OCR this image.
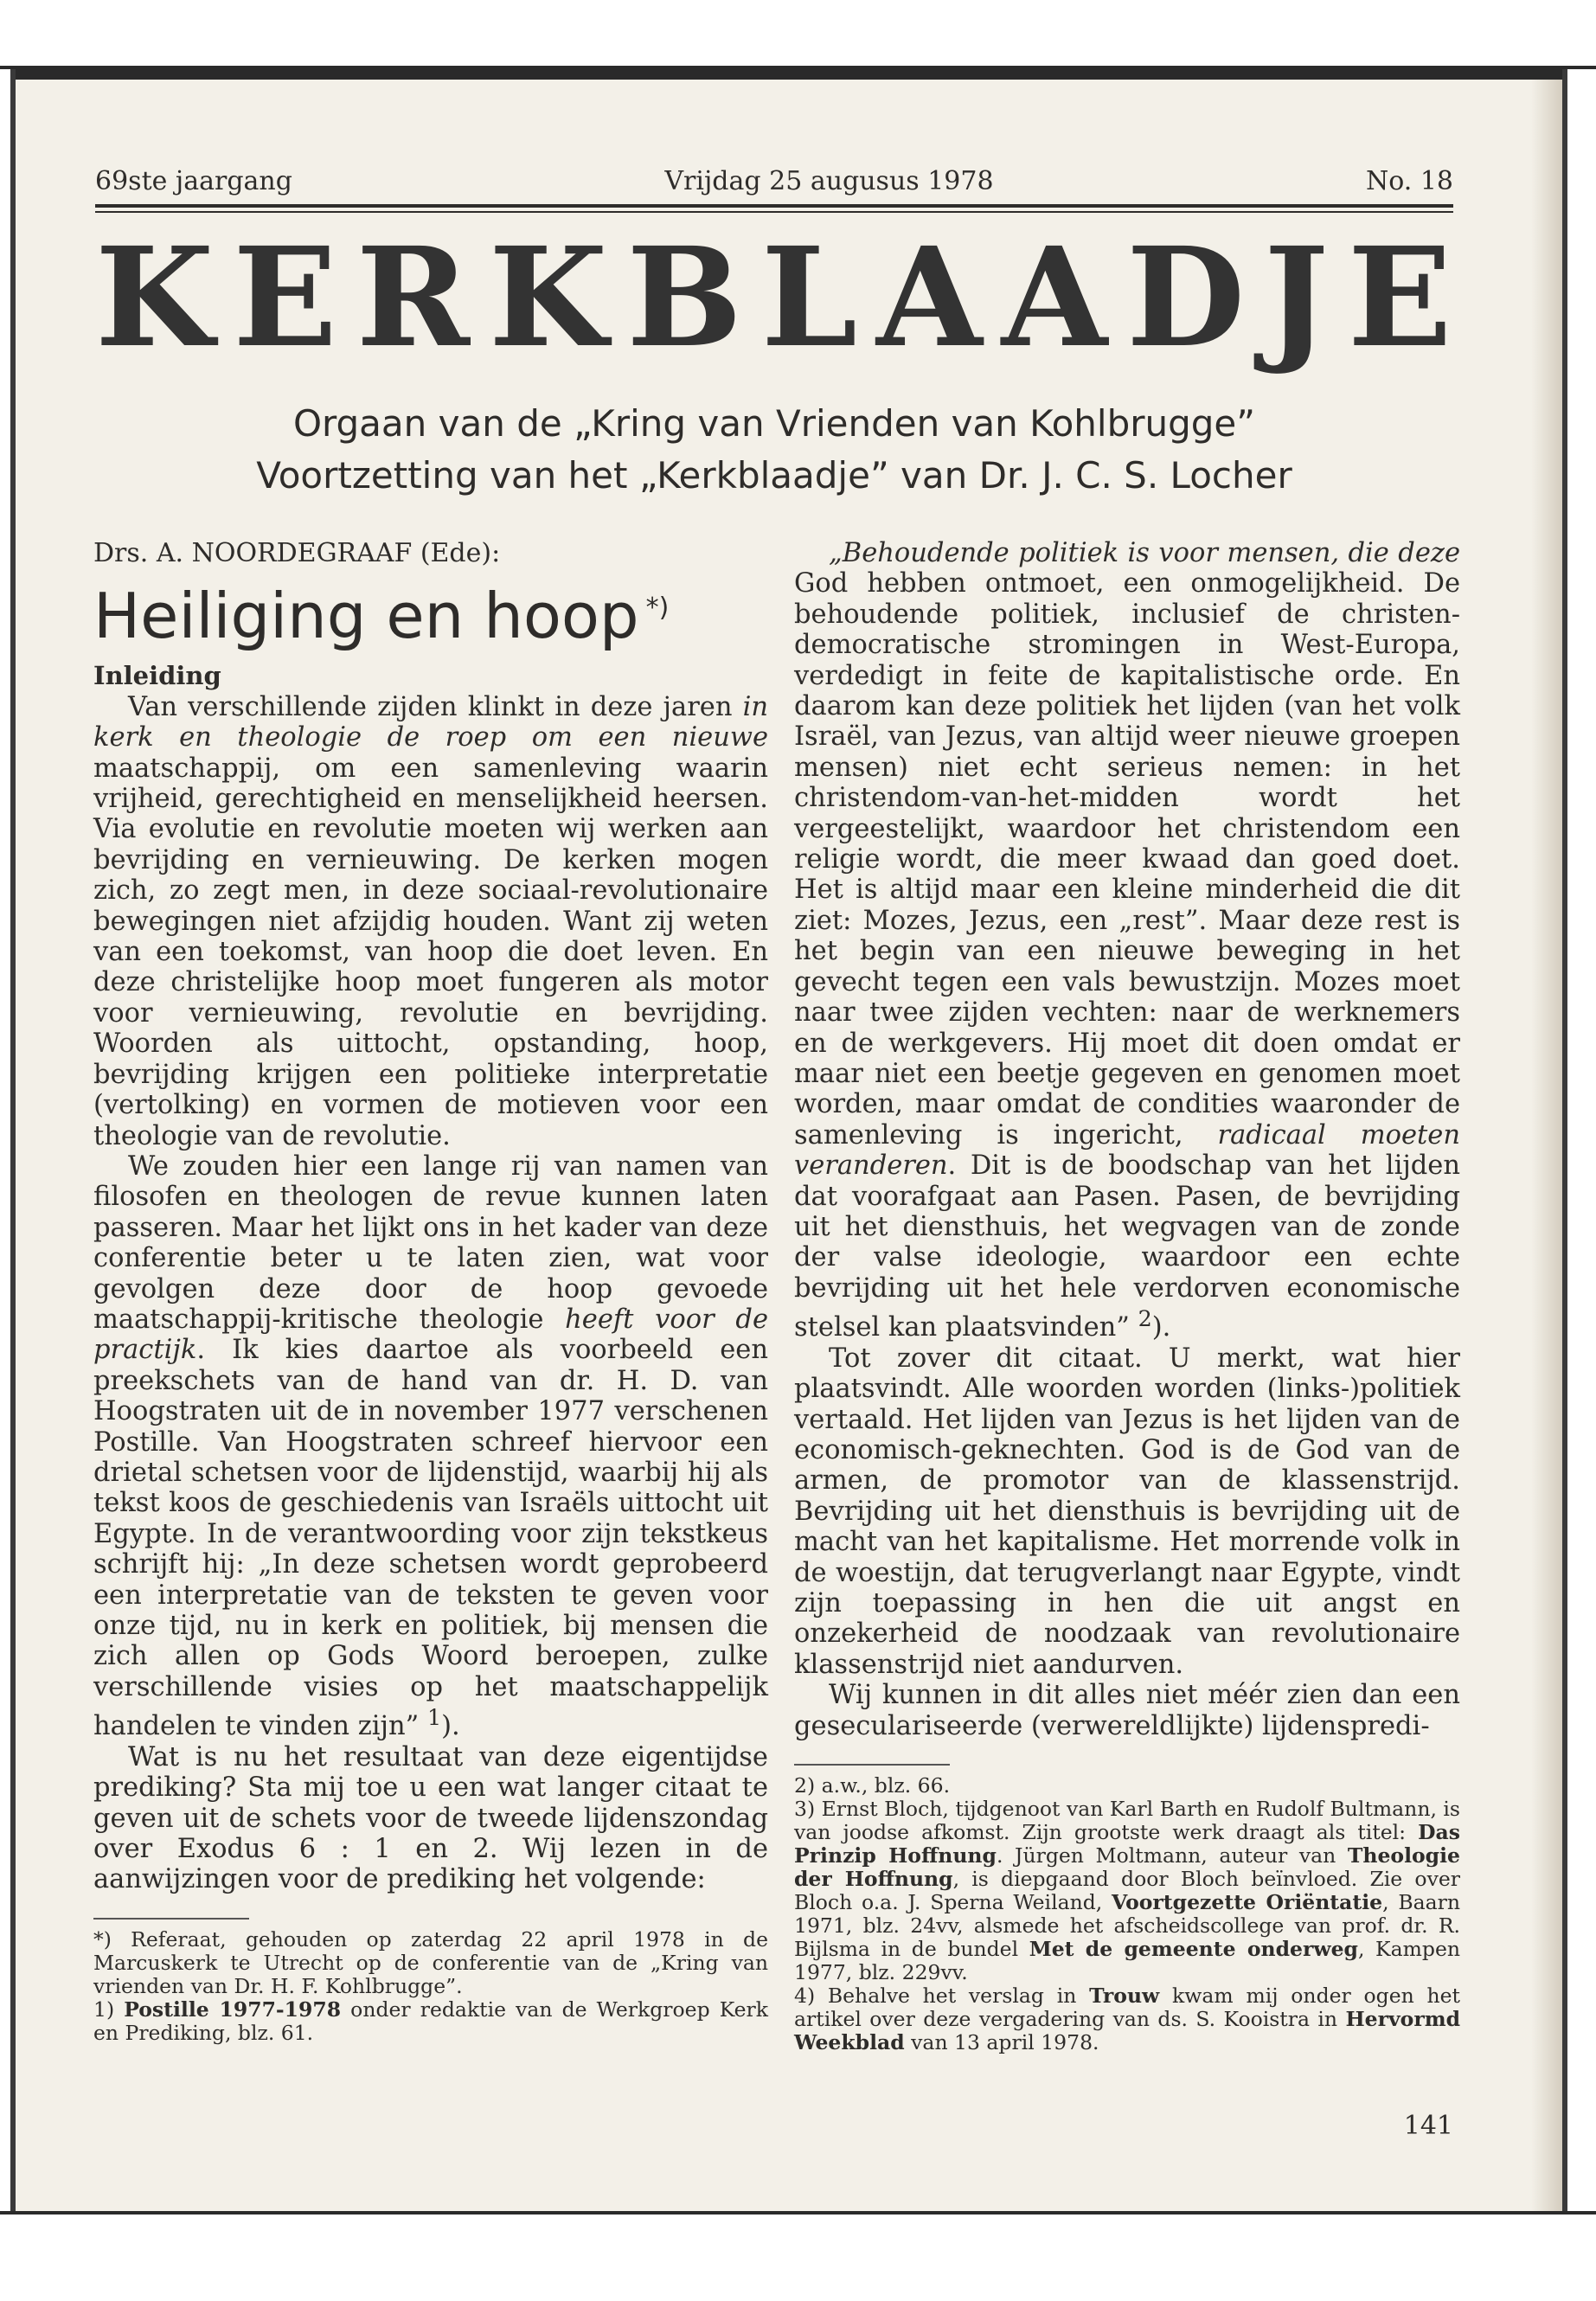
69ste jaargang	Vrijdag 25 augusus 1978	No. 18
KERKBLAADJE
Orgaan van de „Kring van Vrienden van Kohlbrugge”
Voortzetting van het „Kerkblaadje” van Dr. J. C. S. Locher

Drs. A. NOORDEGRAAF (Ede):

Heiliging en hoop *)

Inleiding

Van verschillende zijden klinkt in deze jaren in kerk en theologie de roep om een nieuwe maatschappij, om een samenleving waarin vrijheid, gerechtigheid en menselijkheid heersen. Via evolutie en revolutie moeten wij werken aan bevrijding en vernieuwing. De kerken mogen zich, zo zegt men, in deze sociaal-revolutionaire bewegingen niet afzijdig houden. Want zij weten van een toekomst, van hoop die doet leven. En deze christelijke hoop moet fungeren als motor voor vernieuwing, revolutie en bevrijding. Woorden als uittocht, opstanding, hoop, bevrijding krijgen een politieke interpretatie (vertolking) en vormen de motieven voor een theologie van de revolutie.

We zouden hier een lange rij van namen van filosofen en theologen de revue kunnen laten passeren. Maar het lijkt ons in het kader van deze conferentie beter u te laten zien, wat voor gevolgen deze door de hoop gevoede maatschappij-kritische theologie heeft voor de practijk. Ik kies daartoe als voorbeeld een preekschets van de hand van dr. H. D. van Hoogstraten uit de in november 1977 verschenen Postille. Van Hoogstraten schreef hiervoor een drietal schetsen voor de lijdenstijd, waarbij hij als tekst koos de geschiedenis van Israëls uittocht uit Egypte. In de verantwoording voor zijn tekstkeus schrijft hij: „In deze schetsen wordt geprobeerd een interpretatie van de teksten te geven voor onze tijd, nu in kerk en politiek, bij mensen die zich allen op Gods Woord beroepen, zulke verschillende visies op het maatschappelijk handelen te vinden zijn” $^1$).

Wat is nu het resultaat van deze eigentijdse prediking? Sta mij toe u een wat langer citaat te geven uit de schets voor de tweede lijdenszondag over Exodus 6 : 1 en 2. Wij lezen in de aanwijzingen voor de prediking het volgende:

*) Referaat, gehouden op zaterdag 22 april 1978 in de Marcuskerk te Utrecht op de conferentie van de „Kring van vrienden van Dr. H. F. Kohlbrugge”.

1) Postille 1977-1978 onder redaktie van de Werkgroep Kerk en Prediking, blz. 61.

„Behoudende politiek is voor mensen, die deze God hebben ontmoet, een onmogelijkheid. De behoudende politiek, inclusief de christen-democratische stromingen in West-Europa, verdedigt in feite de kapitalistische orde. En daarom kan deze politiek het lijden (van het volk Israël, van Jezus, van altijd weer nieuwe groepen mensen) niet echt serieus nemen: in het christendom-van-het-midden wordt het vergeestelijkt, waardoor het christendom een religie wordt, die meer kwaad dan goed doet. Het is altijd maar een kleine minderheid die dit ziet: Mozes, Jezus, een „rest”. Maar deze rest is het begin van een nieuwe beweging in het gevecht tegen een vals bewustzijn. Mozes moet naar twee zijden vechten: naar de werknemers en de werkgevers. Hij moet dit doen omdat er maar niet een beetje gegeven en genomen moet worden, maar omdat de condities waaronder de samenleving is ingericht, radicaal moeten veranderen. Dit is de boodschap van het lijden dat voorafgaat aan Pasen. Pasen, de bevrijding uit het diensthuis, het wegvagen van de zonde der valse ideologie, waardoor een echte bevrijding uit het hele verdorven economische stelsel kan plaatsvinden” $^2$).

Tot zover dit citaat. U merkt, wat hier plaatsvindt. Alle woorden worden (links-)politiek vertaald. Het lijden van Jezus is het lijden van de economisch-geknechten. God is de God van de armen, de promotor van de klassenstrijd. Bevrijding uit het diensthuis is bevrijding uit de macht van het kapitalisme. Het morrende volk in de woestijn, dat terugverlangt naar Egypte, vindt zijn toepassing in hen die uit angst en onzekerheid de noodzaak van revolutionaire klassenstrijd niet aandurven.

Wij kunnen in dit alles niet méér zien dan een geseculariseerde (verwereldlijkte) lijdenspredi-

2) a.w., blz. 66.

3) Ernst Bloch, tijdgenoot van Karl Barth en Rudolf Bultmann, is van joodse afkomst. Zijn grootste werk draagt als titel: Das Prinzip Hoffnung. Jürgen Moltmann, auteur van Theologie der Hoffnung, is diepgaand door Bloch beïnvloed. Zie over Bloch o.a. J. Sperna Weiland, Voortgezette Oriëntatie, Baarn 1971, blz. 24vv, alsmede het afscheidscollege van prof. dr. R. Bijlsma in de bundel Met de gemeente onderweg, Kampen 1977, blz. 229vv.

4) Behalve het verslag in Trouw kwam mij onder ogen het artikel over deze vergadering van ds. S. Kooistra in Hervormd Weekblad van 13 april 1978.

141
